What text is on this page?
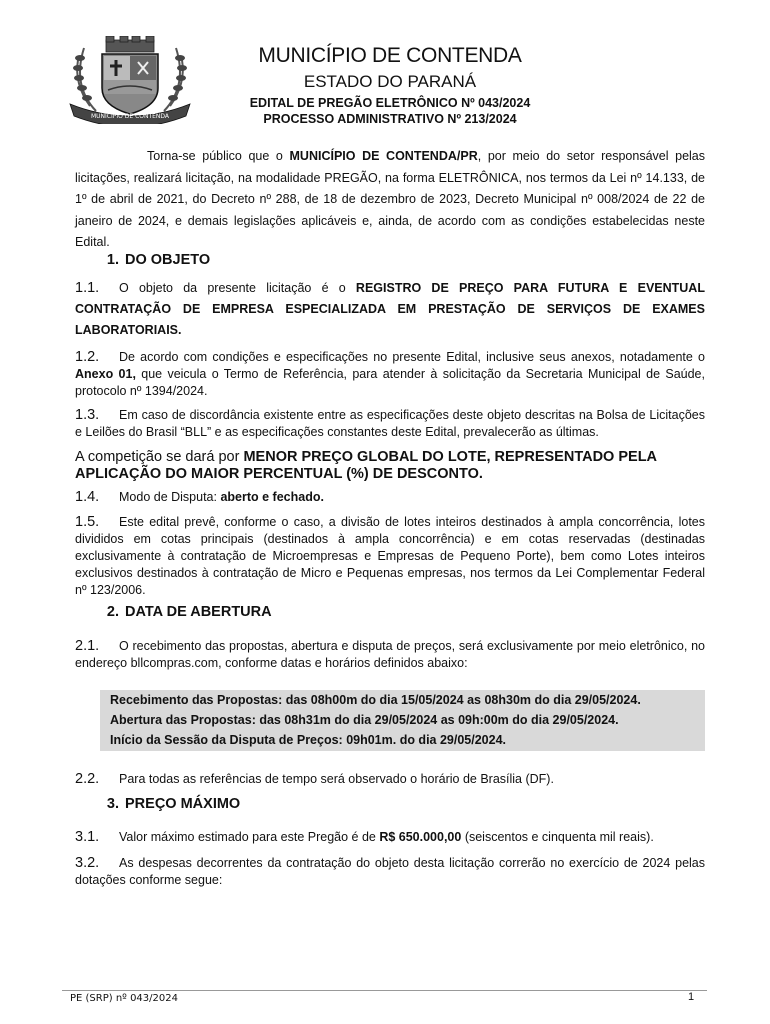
MUNICÍPIO DE CONTENDA
MUNICÍPIO DE CONTENDA
ESTADO DO PARANÁ
EDITAL DE PREGÃO ELETRÔNICO Nº 043/2024
PROCESSO ADMINISTRATIVO Nº 213/2024
Torna-se público que o MUNICÍPIO DE CONTENDA/PR, por meio do setor responsável pelas licitações, realizará licitação, na modalidade PREGÃO, na forma ELETRÔNICA, nos termos da Lei nº 14.133, de 1º de abril de 2021, do Decreto nº 288, de 18 de dezembro de 2023, Decreto Municipal nº 008/2024 de 22 de janeiro de 2024, e demais legislações aplicáveis e, ainda, de acordo com as condições estabelecidas neste Edital.
1. DO OBJETO
1.1. O objeto da presente licitação é o REGISTRO DE PREÇO PARA FUTURA E EVENTUAL CONTRATAÇÃO DE EMPRESA ESPECIALIZADA EM PRESTAÇÃO DE SERVIÇOS DE EXAMES LABORATORIAIS.
1.2. De acordo com condições e especificações no presente Edital, inclusive seus anexos, notadamente o Anexo 01, que veicula o Termo de Referência, para atender à solicitação da Secretaria Municipal de Saúde, protocolo nº 1394/2024.
1.3. Em caso de discordância existente entre as especificações deste objeto descritas na Bolsa de Licitações e Leilões do Brasil “BLL” e as especificações constantes deste Edital, prevalecerão as últimas.
A competição se dará por MENOR PREÇO GLOBAL DO LOTE, REPRESENTADO PELA APLICAÇÃO DO MAIOR PERCENTUAL (%) DE DESCONTO.
1.4. Modo de Disputa: aberto e fechado.
1.5. Este edital prevê, conforme o caso, a divisão de lotes inteiros destinados à ampla concorrência, lotes divididos em cotas principais (destinados à ampla concorrência) e em cotas reservadas (destinadas exclusivamente à contratação de Microempresas e Empresas de Pequeno Porte), bem como Lotes inteiros exclusivos destinados à contratação de Micro e Pequenas empresas, nos termos da Lei Complementar Federal nº 123/2006.
2. DATA DE ABERTURA
2.1. O recebimento das propostas, abertura e disputa de preços, será exclusivamente por meio eletrônico, no endereço bllcompras.com, conforme datas e horários definidos abaixo:
Recebimento das Propostas: das 08h00m do dia 15/05/2024 as 08h30m do dia 29/05/2024.
Abertura das Propostas: das 08h31m do dia 29/05/2024 as 09h:00m do dia 29/05/2024.
Início da Sessão da Disputa de Preços: 09h01m. do dia 29/05/2024.
2.2. Para todas as referências de tempo será observado o horário de Brasília (DF).
3. PREÇO MÁXIMO
3.1. Valor máximo estimado para este Pregão é de R$ 650.000,00 (seiscentos e cinquenta mil reais).
3.2. As despesas decorrentes da contratação do objeto desta licitação correrão no exercício de 2024 pelas dotações conforme segue:
PE (SRP) nº 043/2024	1
